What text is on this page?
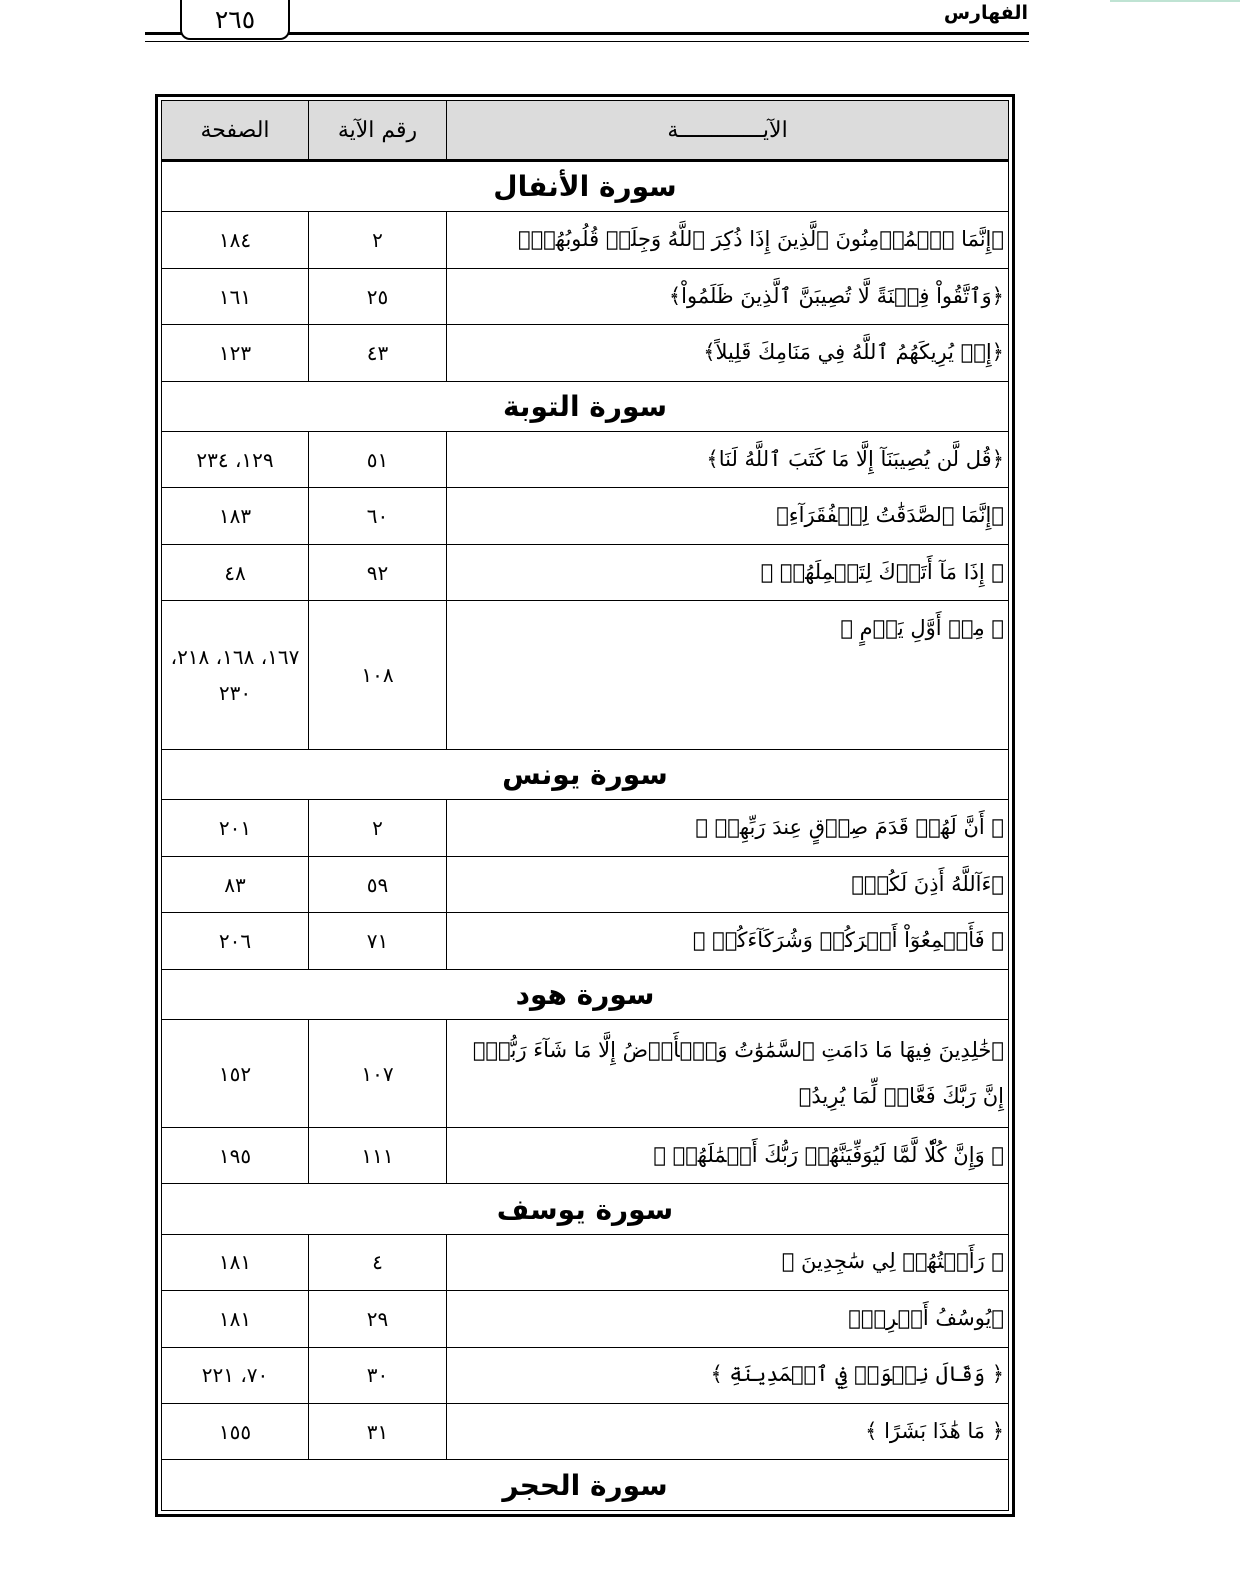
٢٦٥	الفهارس
الآيـــــــــــــة	رقم الآية	الصفحة
سورة الأنفال		
﴿إِنَّمَا ٱلۡمُؤۡمِنُونَ ٱلَّذِينَ إِذَا ذُكِرَ ٱللَّهُ وَجِلَتۡ قُلُوبُهُمۡ﴾	٢	١٨٤
﴿وَٱتَّقُواْ فِتۡنَةً لَّا تُصِيبَنَّ ٱلَّذِينَ ظَلَمُواْ﴾	٢٥	١٦١
﴿إِذۡ يُرِيكَهُمُ ٱللَّهُ فِي مَنَامِكَ قَلِيلاً﴾	٤٣	١٢٣
سورة التوبة		
﴿قُل لَّن يُصِيبَنَآ إِلَّا مَا كَتَبَ ٱللَّهُ لَنَا﴾	٥١	١٢٩، ٢٣٤
﴿إِنَّمَا ٱلصَّدَقَٰتُ لِلۡفُقَرَآءِ﴾	٦٠	١٨٣
﴿ إِذَا مَآ أَتَوۡكَ لِتَحۡمِلَهُمۡ ﴾	٩٢	٤٨
﴿ مِنۡ أَوَّلِ يَوۡمٍ ﴾	١٠٨	١٦٧، ١٦٨، ٢١٨، ٢٣٠
سورة يونس		
﴿ أَنَّ لَهُمۡ قَدَمَ صِدۡقٍ عِندَ رَبِّهِمۡ ﴾	٢	٢٠١
﴿ءَآللَّهُ أَذِنَ لَكُمۡ﴾	٥٩	٨٣
﴿ فَأَجۡمِعُوٓاْ أَمۡرَكُمۡ وَشُرَكَآءَكُمۡ ﴾	٧١	٢٠٦
سورة هود		
﴿خَٰلِدِينَ فِيهَا مَا دَامَتِ ٱلسَّمَٰوَٰتُ وَٱلۡأَرۡضُ إِلَّا مَا شَآءَ رَبُّكَۚ إِنَّ رَبَّكَ فَعَّالٞ لِّمَا يُرِيدُ﴾	١٠٧	١٥٢
﴿ وَإِنَّ كُلّٗا لَّمَّا لَيُوَفِّيَنَّهُمۡ رَبُّكَ أَعۡمَٰلَهُمۡ ﴾	١١١	١٩٥
سورة يوسف		
﴿ رَأَيۡتُهُمۡ لِي سَٰجِدِينَ ﴾	٤	١٨١
﴿يُوسُفُ أَعۡرِضۡ﴾	٢٩	١٨١
﴿ وَقَالَ نِسۡوَةٞ فِي ٱلۡمَدِينَةِ ﴾	٣٠	٧٠، ٢٢١
﴿ مَا هَٰذَا بَشَرًا ﴾	٣١	١٥٥
سورة الحجر		
